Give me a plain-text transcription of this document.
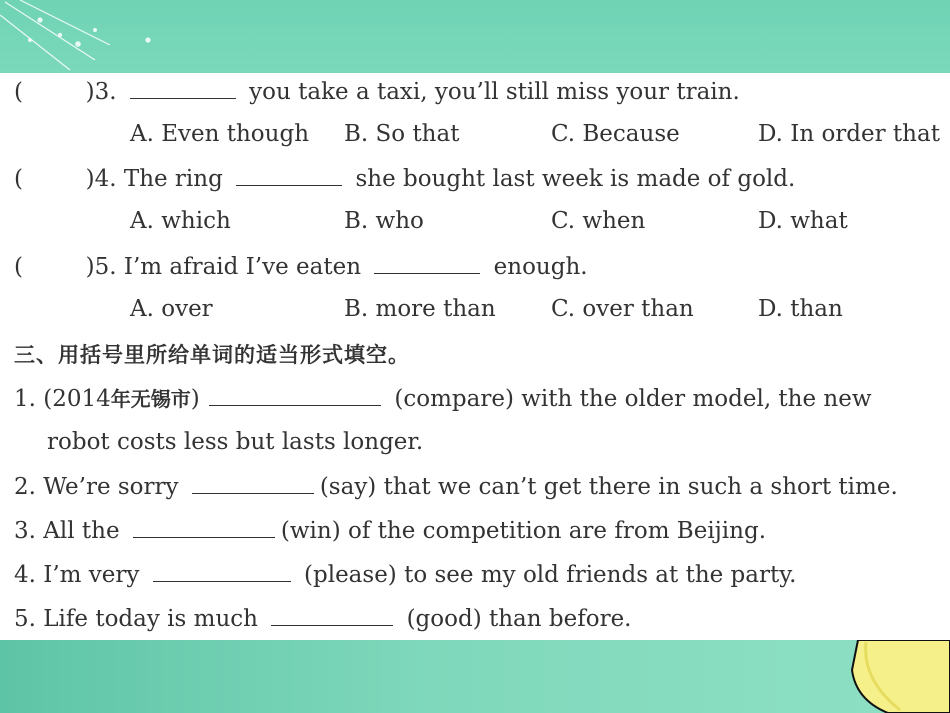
(	)3.	you take a taxi, you’ll still miss your train.
A. Even though B. So that	C. Because	D. In order that
(	)4. The ring	she bought last week is made of gold.
A. which	B. who	C. when	D. what
(	)5. I’m afraid I’ve eaten	enough.
A. over	B. more than C. over than	D. than
三、用括号里所给单词的适当形式填空。
1. (2014年无锡市)	(compare) with the older model, the new
robot costs less but lasts longer.
2. We’re sorry	(say) that we can’t get there in such a short time.
3. All the	(win) of the competition are from Beijing.
4. I’m very	(please) to see my old friends at the party.
5. Life today is much	(good) than before.
